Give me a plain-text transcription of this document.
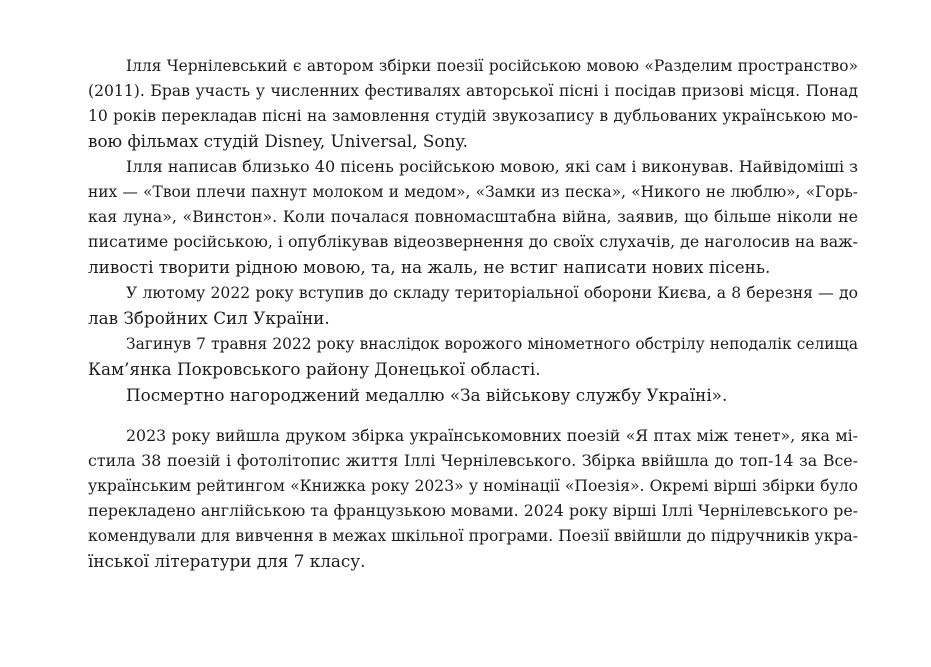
Ілля Чернілевський є автором збірки поезії російською мовою «Разделим пространство»

(2011). Брав участь у численних фестивалях авторської пісні і посідав призові місця. Понад

10 років перекладав пісні на замовлення студій звукозапису в дубльованих українською мо-

вою фільмах студій Disney, Universal, Sony.

Ілля написав близько 40 пісень російською мовою, які сам і виконував. Найвідоміші з

них — «Твои плечи пахнут молоком и медом», «Замки из песка», «Никого не люблю», «Горь-

кая луна», «Винстон». Коли почалася повномасштабна війна, заявив, що більше ніколи не

писатиме російською, і опублікував відеозвернення до своїх слухачів, де наголосив на важ-

ливості творити рідною мовою, та, на жаль, не встиг написати нових пісень.

У лютому 2022 року вступив до складу територіальної оборони Києва, а 8 березня — до

лав Збройних Сил України.

Загинув 7 травня 2022 року внаслідок ворожого мінометного обстрілу неподалік селища

Кам’янка Покровського району Донецької області.

Посмертно нагороджений медаллю «За військову службу Україні».

2023 року вийшла друком збірка українськомовних поезій «Я птах між тенет», яка мі-

стила 38 поезій і фотолітопис життя Іллі Чернілевського. Збірка ввійшла до топ-14 за Все-

українським рейтингом «Книжка року 2023» у номінації «Поезія». Окремі вірші збірки було

перекладено англійською та французькою мовами. 2024 року вірші Іллі Чернілевського ре-

комендували для вивчення в межах шкільної програми. Поезії ввійшли до підручників укра-

їнської літератури для 7 класу.
